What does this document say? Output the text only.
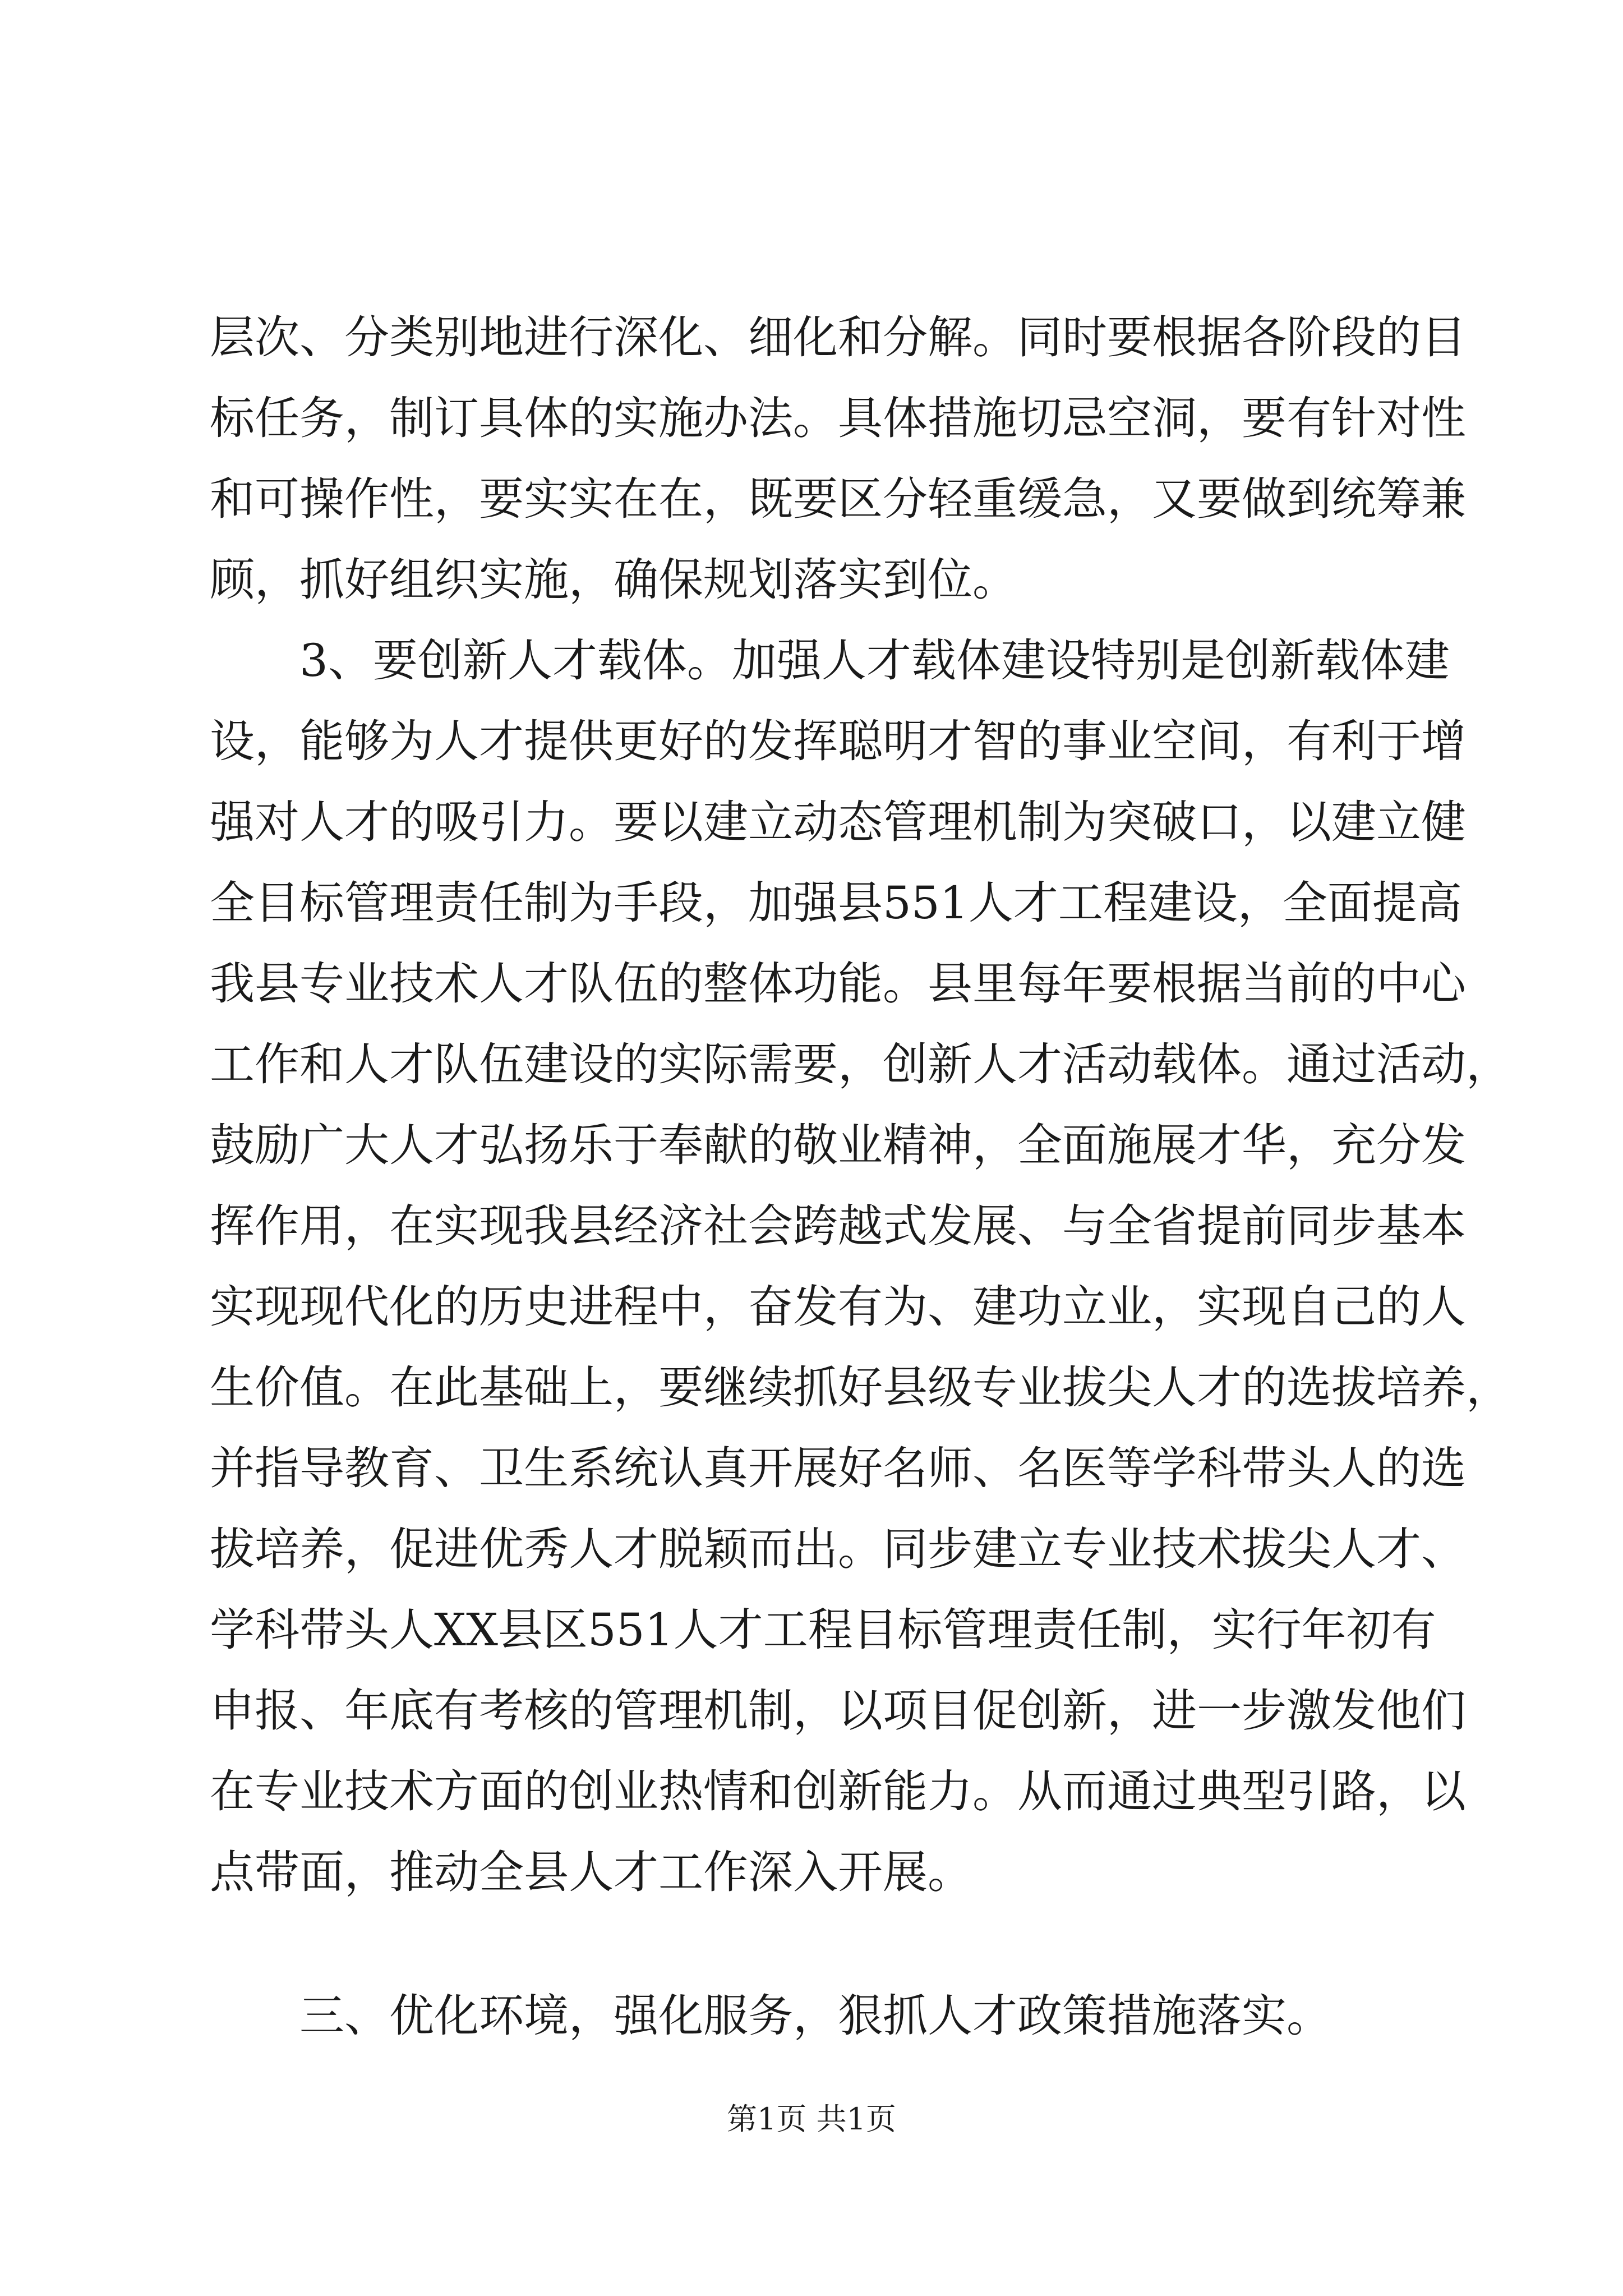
层次、分类别地进行深化、细化和分解。同时要根据各阶段的目
标任务，制订具体的实施办法。具体措施切忌空洞，要有针对性
和可操作性，要实实在在，既要区分轻重缓急，又要做到统筹兼
顾，抓好组织实施，确保规划落实到位。
　　3、要创新人才载体。加强人才载体建设特别是创新载体建
设，能够为人才提供更好的发挥聪明才智的事业空间，有利于增
强对人才的吸引力。要以建立动态管理机制为突破口，以建立健
全目标管理责任制为手段，加强县551人才工程建设，全面提高
我县专业技术人才队伍的整体功能。县里每年要根据当前的中心
工作和人才队伍建设的实际需要，创新人才活动载体。通过活动，
鼓励广大人才弘扬乐于奉献的敬业精神，全面施展才华，充分发
挥作用，在实现我县经济社会跨越式发展、与全省提前同步基本
实现现代化的历史进程中，奋发有为、建功立业，实现自己的人
生价值。在此基础上，要继续抓好县级专业拔尖人才的选拔培养，
并指导教育、卫生系统认真开展好名师、名医等学科带头人的选
拔培养，促进优秀人才脱颖而出。同步建立专业技术拔尖人才、
学科带头人XX县区551人才工程目标管理责任制，实行年初有
申报、年底有考核的管理机制，以项目促创新，进一步激发他们
在专业技术方面的创业热情和创新能力。从而通过典型引路，以
点带面，推动全县人才工作深入开展。
　　三、优化环境，强化服务，狠抓人才政策措施落实。
第1页 共1页
